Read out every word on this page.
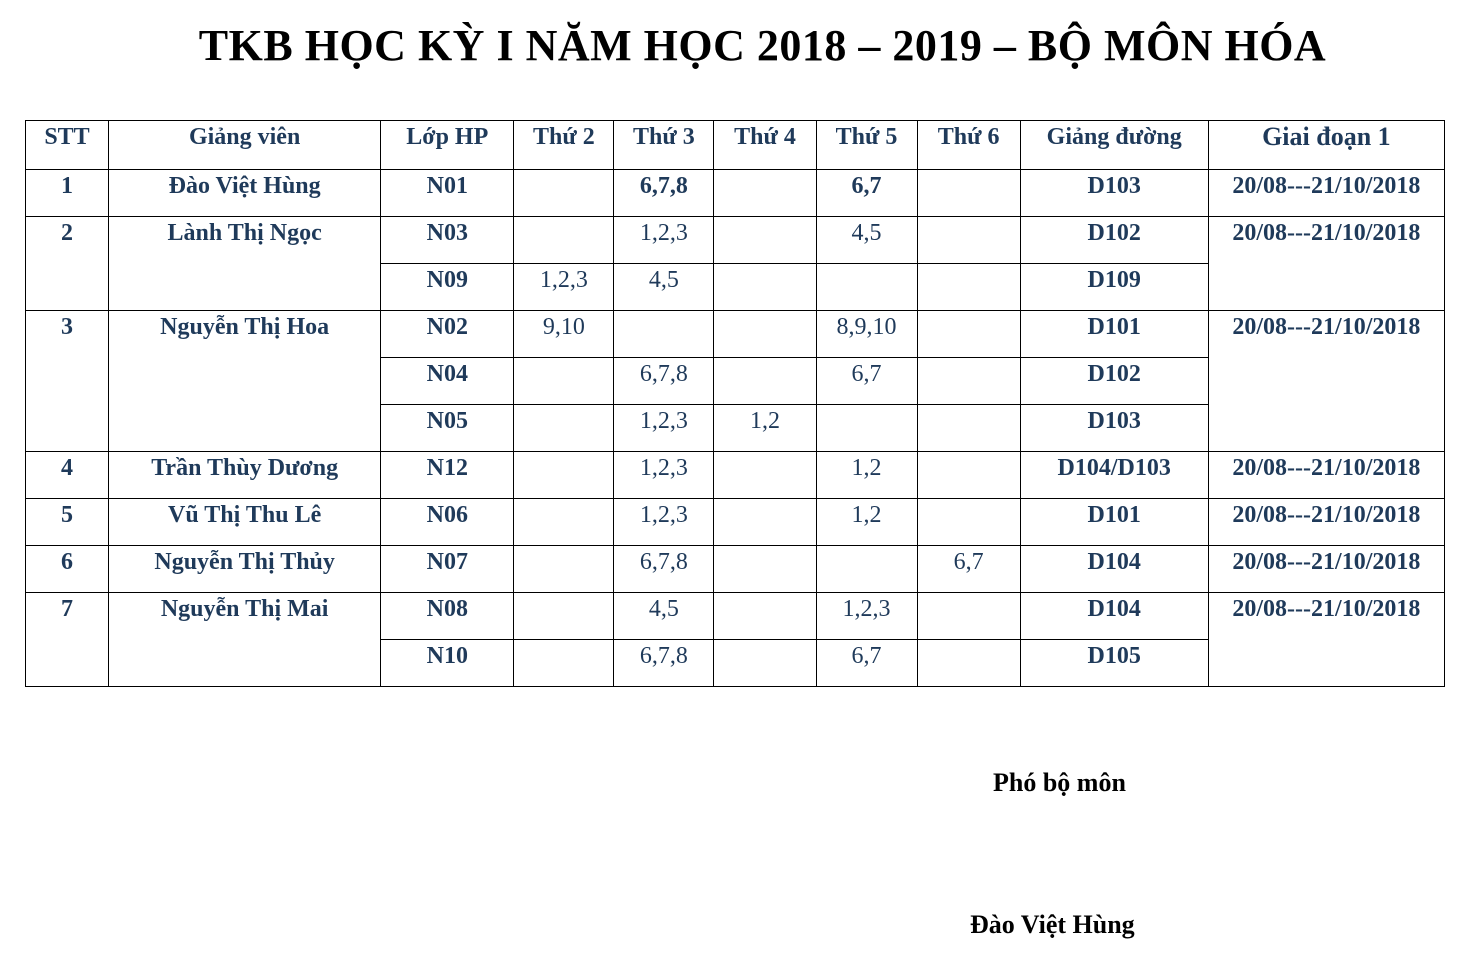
TKB HỌC KỲ I NĂM HỌC 2018 – 2019 – BỘ MÔN HÓA
STT	Giảng viên	Lớp HP	Thứ 2	Thứ 3	Thứ 4	Thứ 5	Thứ 6	Giảng đường	Giai đoạn 1
1	Đào Việt Hùng	N01		6,7,8		6,7		D103	20/08---21/10/2018
2	Lành Thị Ngọc	N03		1,2,3		4,5		D102	20/08---21/10/2018
		N09	1,2,3	4,5				D109	
3	Nguyễn Thị Hoa	N02	9,10			8,9,10		D101	20/08---21/10/2018
		N04		6,7,8		6,7		D102	
		N05		1,2,3	1,2			D103	
4	Trần Thùy Dương	N12		1,2,3		1,2		D104/D103	20/08---21/10/2018
5	Vũ Thị Thu Lê	N06		1,2,3		1,2		D101	20/08---21/10/2018
6	Nguyễn Thị Thủy	N07		6,7,8			6,7	D104	20/08---21/10/2018
7	Nguyễn Thị Mai	N08		4,5		1,2,3		D104	20/08---21/10/2018
		N10		6,7,8		6,7		D105	
Phó bộ môn
Đào Việt Hùng
